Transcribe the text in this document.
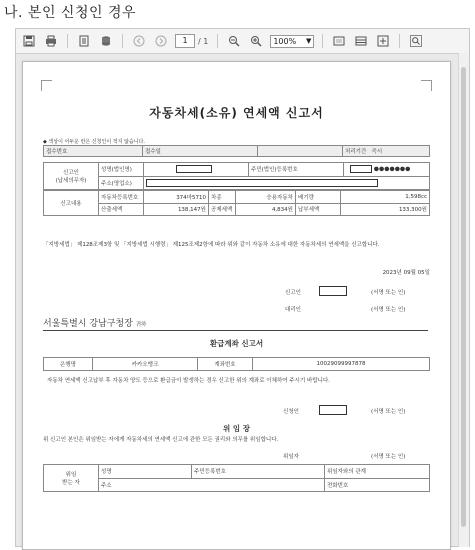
나. 본인 신청인 경우
1	/ 1	100% ▼
자동차세(소유) 연세액 신고서
◆ 색상이 어두운 란은 신청인이 적지 않습니다.
접수번호	접수일		처리기간 즉시
신고인
(납세의무자)	성명(법인명)		주민(법인)등록번호	●●●●●●●
	주소(영업소)			
신고내용	자동차등록번호	374마5710	차종	승용자동차	배기량	1,598cc
	산출세액	138,147원	공제세액	4,834원	납부세액	133,300원
「지방세법」 제128조제3항 및 「지방세법 시행령」 제125조제2항에 따라 위와 같이 자동차 소유에 대한 자동차세의 연세액을 신고합니다.
2023년 09월 05일
신고인	(서명 또는 인)
대리인	(서명 또는 인)
서울특별시 강남구청장 귀하
환급계좌 신고서
은행명	카카오뱅크	계좌번호	10029099997878
자동차 연세액 신고납부 후 자동차 양도 등으로 환급금이 발생하는 경우 신고한 위의 계좌로 이체하여 주시기 바랍니다.
신청인	(서명 또는 인)
위 임 장
위 신고인 본인은 위임받는 자에게 자동차세의 연세액 신고에 관한 모든 권리와 의무를 위임합니다.
위임자	(서명 또는 인)
위임
받는 자	성명	주민등록번호	위임자와의 관계
	주소		전화번호
